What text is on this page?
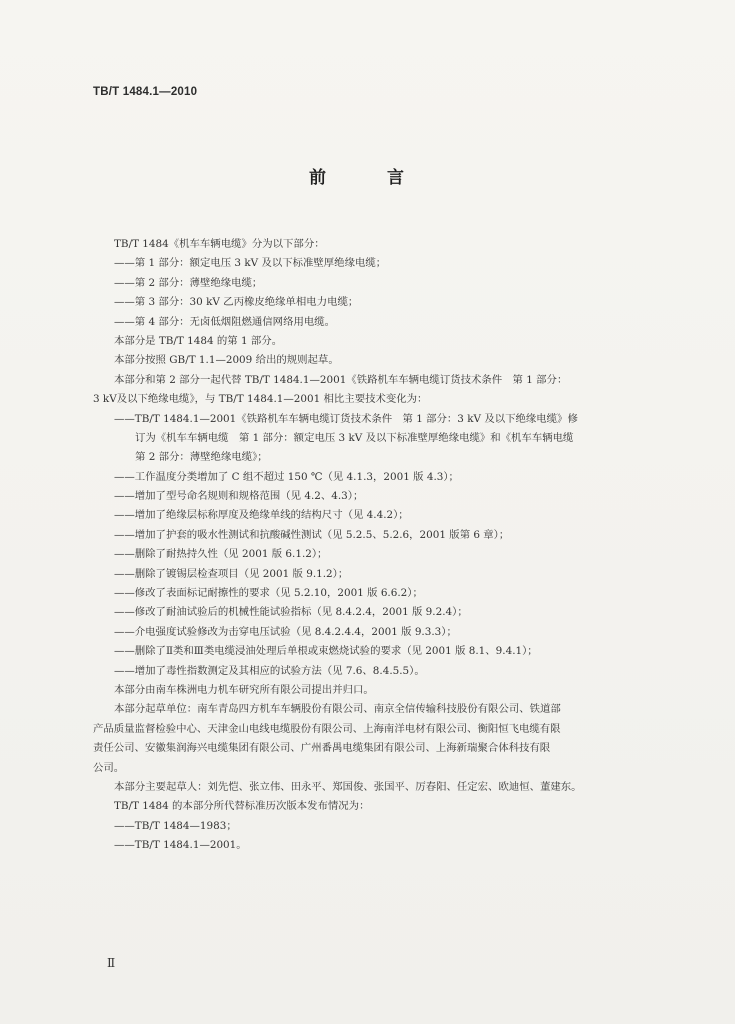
TB/T 1484.1—2010
前　言
TB/T 1484《机车车辆电缆》分为以下部分：
——第 1 部分：额定电压 3 kV 及以下标准壁厚绝缘电缆；
——第 2 部分：薄壁绝缘电缆；
——第 3 部分：30 kV 乙丙橡皮绝缘单相电力电缆；
——第 4 部分：无卤低烟阻燃通信网络用电缆。
本部分是 TB/T 1484 的第 1 部分。
本部分按照 GB/T 1.1—2009 给出的规则起草。
本部分和第 2 部分一起代替 TB/T 1484.1—2001《铁路机车车辆电缆订货技术条件　第 1 部分：
3 kV及以下绝缘电缆》，与 TB/T 1484.1—2001 相比主要技术变化为：
——TB/T 1484.1—2001《铁路机车车辆电缆订货技术条件　第 1 部分：3 kV 及以下绝缘电缆》修
订为《机车车辆电缆　第 1 部分：额定电压 3 kV 及以下标准壁厚绝缘电缆》和《机车车辆电缆
第 2 部分：薄壁绝缘电缆》；
——工作温度分类增加了 C 组不超过 150 ℃（见 4.1.3，2001 版 4.3）；
——增加了型号命名规则和规格范围（见 4.2、4.3）；
——增加了绝缘层标称厚度及绝缘单线的结构尺寸（见 4.4.2）；
——增加了护套的吸水性测试和抗酸碱性测试（见 5.2.5、5.2.6，2001 版第 6 章）；
——删除了耐热持久性（见 2001 版 6.1.2）；
——删除了镀锡层检查项目（见 2001 版 9.1.2）；
——修改了表面标记耐擦性的要求（见 5.2.10，2001 版 6.6.2）；
——修改了耐油试验后的机械性能试验指标（见 8.4.2.4，2001 版 9.2.4）；
——介电强度试验修改为击穿电压试验（见 8.4.2.4.4，2001 版 9.3.3）；
——删除了Ⅱ类和Ⅲ类电缆浸油处理后单根或束燃烧试验的要求（见 2001 版 8.1、9.4.1）；
——增加了毒性指数测定及其相应的试验方法（见 7.6、8.4.5.5）。
本部分由南车株洲电力机车研究所有限公司提出并归口。
本部分起草单位：南车青岛四方机车车辆股份有限公司、南京全信传输科技股份有限公司、铁道部
产品质量监督检验中心、天津金山电线电缆股份有限公司、上海南洋电材有限公司、衡阳恒飞电缆有限
责任公司、安徽集润海兴电缆集团有限公司、广州番禺电缆集团有限公司、上海新瑞聚合体科技有限
公司。
本部分主要起草人：刘先恺、张立伟、田永平、郑国俊、张国平、厉春阳、任定宏、欧迪恒、董建东。
TB/T 1484 的本部分所代替标准历次版本发布情况为：
——TB/T 1484—1983；
——TB/T 1484.1—2001。
Ⅱ
